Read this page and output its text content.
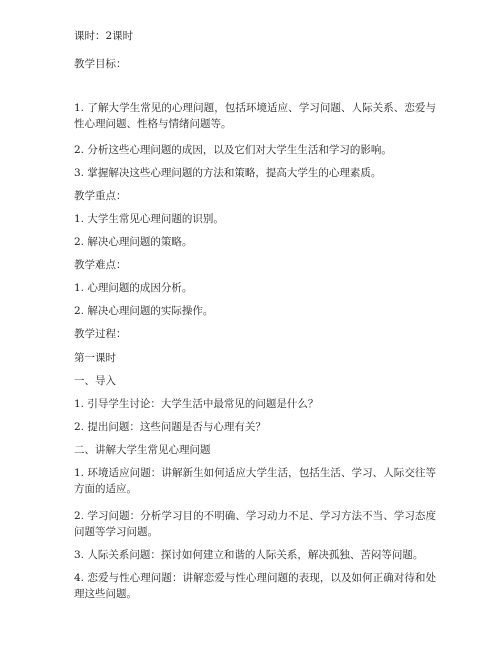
课时：2课时

教学目标：

1. 了解大学生常见的心理问题，包括环境适应、学习问题、人际关系、恋爱与性心理问题、性格与情绪问题等。

2. 分析这些心理问题的成因，以及它们对大学生生活和学习的影响。

3. 掌握解决这些心理问题的方法和策略，提高大学生的心理素质。

教学重点：

1. 大学生常见心理问题的识别。

2. 解决心理问题的策略。

教学难点：

1. 心理问题的成因分析。

2. 解决心理问题的实际操作。

教学过程：

第一课时

一、导入

1. 引导学生讨论：大学生活中最常见的问题是什么？

2. 提出问题：这些问题是否与心理有关？

二、讲解大学生常见心理问题

1. 环境适应问题：讲解新生如何适应大学生活，包括生活、学习、人际交往等方面的适应。

2. 学习问题：分析学习目的不明确、学习动力不足、学习方法不当、学习态度问题等学习问题。

3. 人际关系问题：探讨如何建立和谐的人际关系，解决孤独、苦闷等问题。

4. 恋爱与性心理问题：讲解恋爱与性心理问题的表现，以及如何正确对待和处理这些问题。
